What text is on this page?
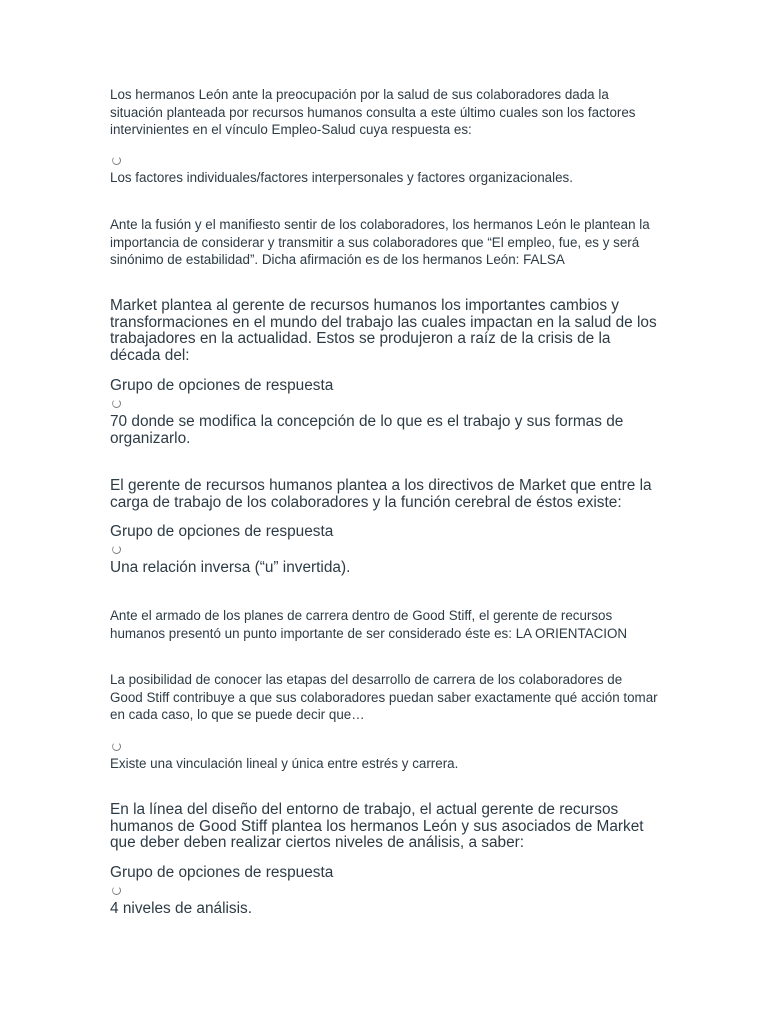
Los hermanos León ante la preocupación por la salud de sus colaboradores dada la situación planteada por recursos humanos consulta a este último cuales son los factores intervinientes en el vínculo Empleo-Salud cuya respuesta es:

Los factores individuales/factores interpersonales y factores organizacionales.

Ante la fusión y el manifiesto sentir de los colaboradores, los hermanos León le plantean la importancia de considerar y transmitir a sus colaboradores que “El empleo, fue, es y será sinónimo de estabilidad”. Dicha afirmación es de los hermanos León: FALSA

Market plantea al gerente de recursos humanos los importantes cambios y transformaciones en el mundo del trabajo las cuales impactan en la salud de los trabajadores en la actualidad. Estos se produjeron a raíz de la crisis de la década del:

Grupo de opciones de respuesta

70 donde se modifica la concepción de lo que es el trabajo y sus formas de organizarlo.

El gerente de recursos humanos plantea a los directivos de Market que entre la carga de trabajo de los colaboradores y la función cerebral de éstos existe:

Grupo de opciones de respuesta

Una relación inversa (“u” invertida).

Ante el armado de los planes de carrera dentro de Good Stiff, el gerente de recursos humanos presentó un punto importante de ser considerado éste es: LA ORIENTACION

La posibilidad de conocer las etapas del desarrollo de carrera de los colaboradores de Good Stiff contribuye a que sus colaboradores puedan saber exactamente qué acción tomar en cada caso, lo que se puede decir que…

Existe una vinculación lineal y única entre estrés y carrera.

En la línea del diseño del entorno de trabajo, el actual gerente de recursos humanos de Good Stiff plantea los hermanos León y sus asociados de Market que deber deben realizar ciertos niveles de análisis, a saber:

Grupo de opciones de respuesta

4 niveles de análisis.
